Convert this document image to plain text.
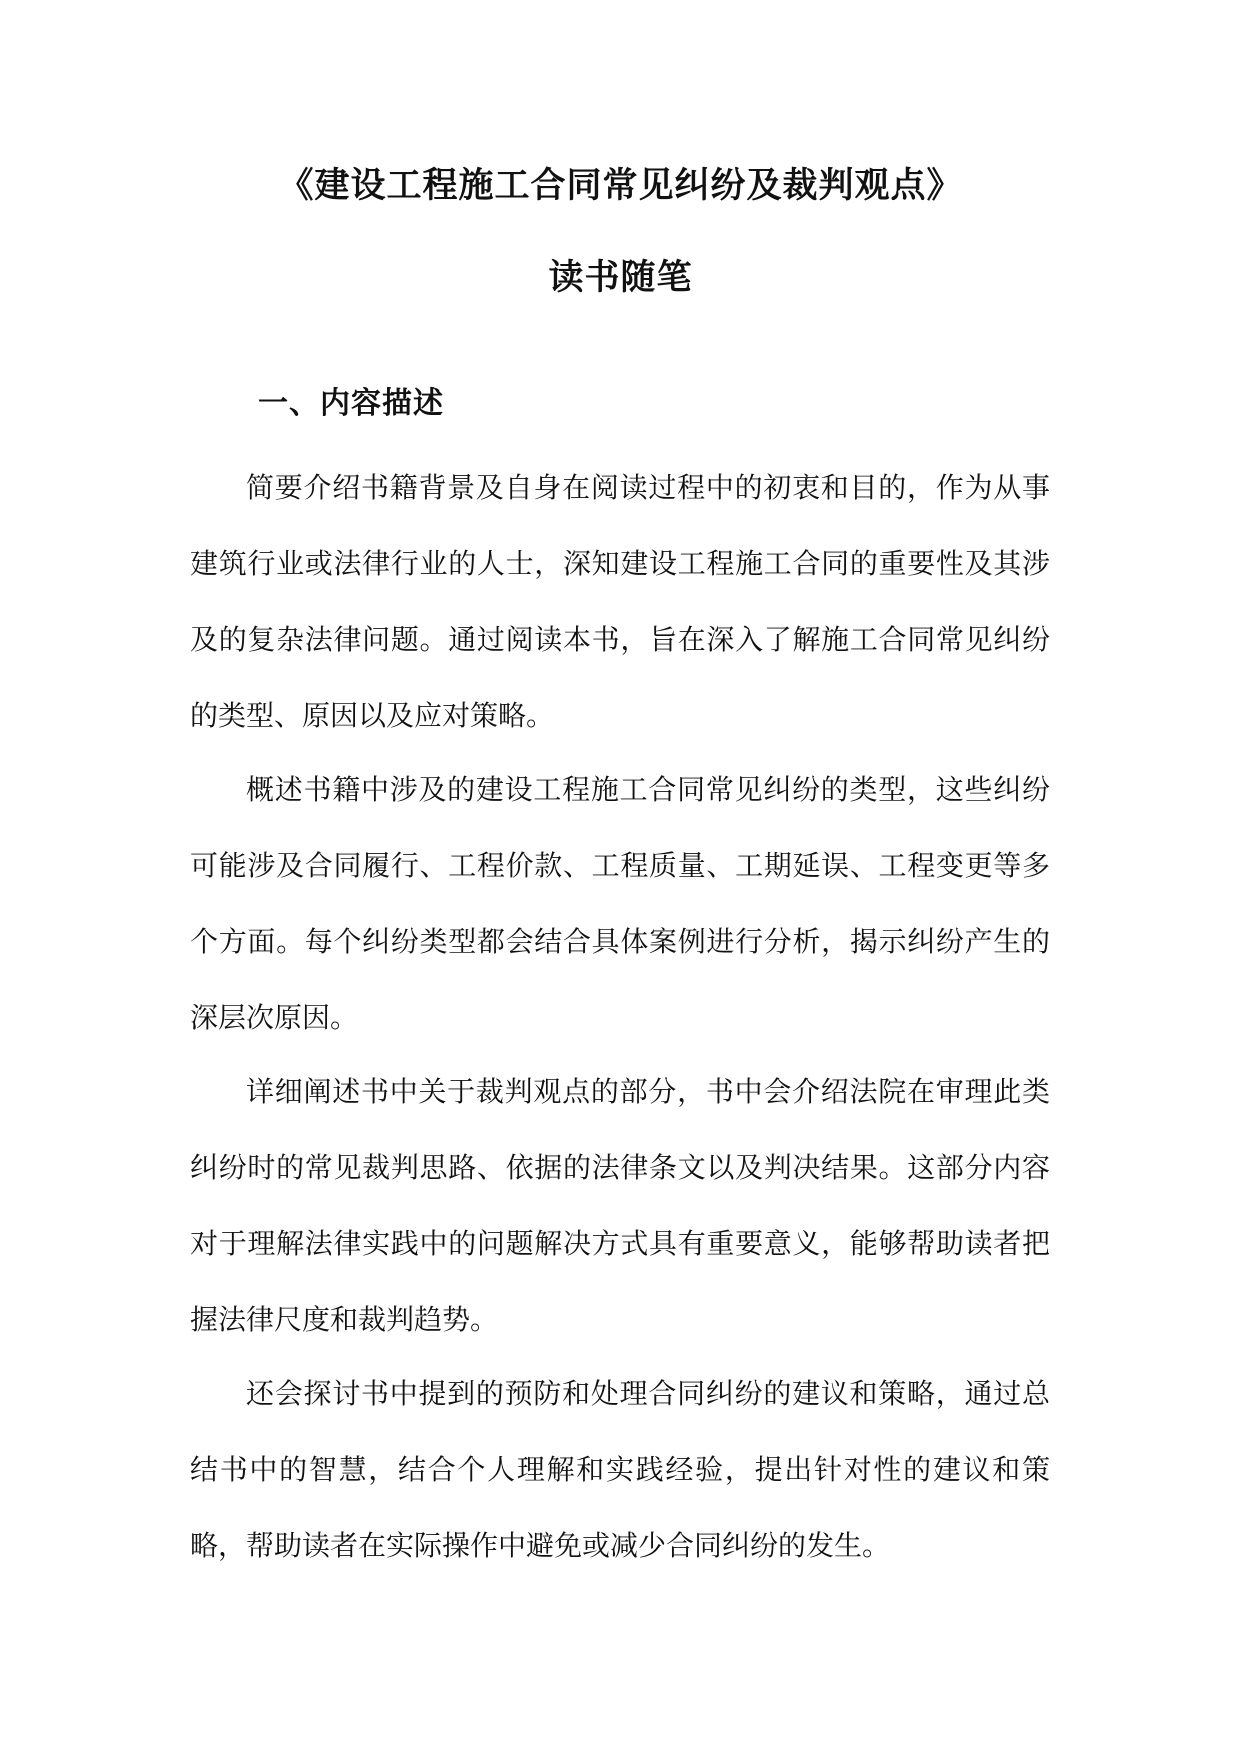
《建设工程施工合同常见纠纷及裁判观点》
读书随笔
一、内容描述

简要介绍书籍背景及自身在阅读过程中的初衷和目的，作为从事建筑行业或法律行业的人士，深知建设工程施工合同的重要性及其涉及的复杂法律问题。通过阅读本书，旨在深入了解施工合同常见纠纷的类型、原因以及应对策略。

概述书籍中涉及的建设工程施工合同常见纠纷的类型，这些纠纷可能涉及合同履行、工程价款、工程质量、工期延误、工程变更等多个方面。每个纠纷类型都会结合具体案例进行分析，揭示纠纷产生的深层次原因。

详细阐述书中关于裁判观点的部分，书中会介绍法院在审理此类纠纷时的常见裁判思路、依据的法律条文以及判决结果。这部分内容对于理解法律实践中的问题解决方式具有重要意义，能够帮助读者把握法律尺度和裁判趋势。

还会探讨书中提到的预防和处理合同纠纷的建议和策略，通过总结书中的智慧，结合个人理解和实践经验，提出针对性的建议和策略，帮助读者在实际操作中避免或减少合同纠纷的发生。
